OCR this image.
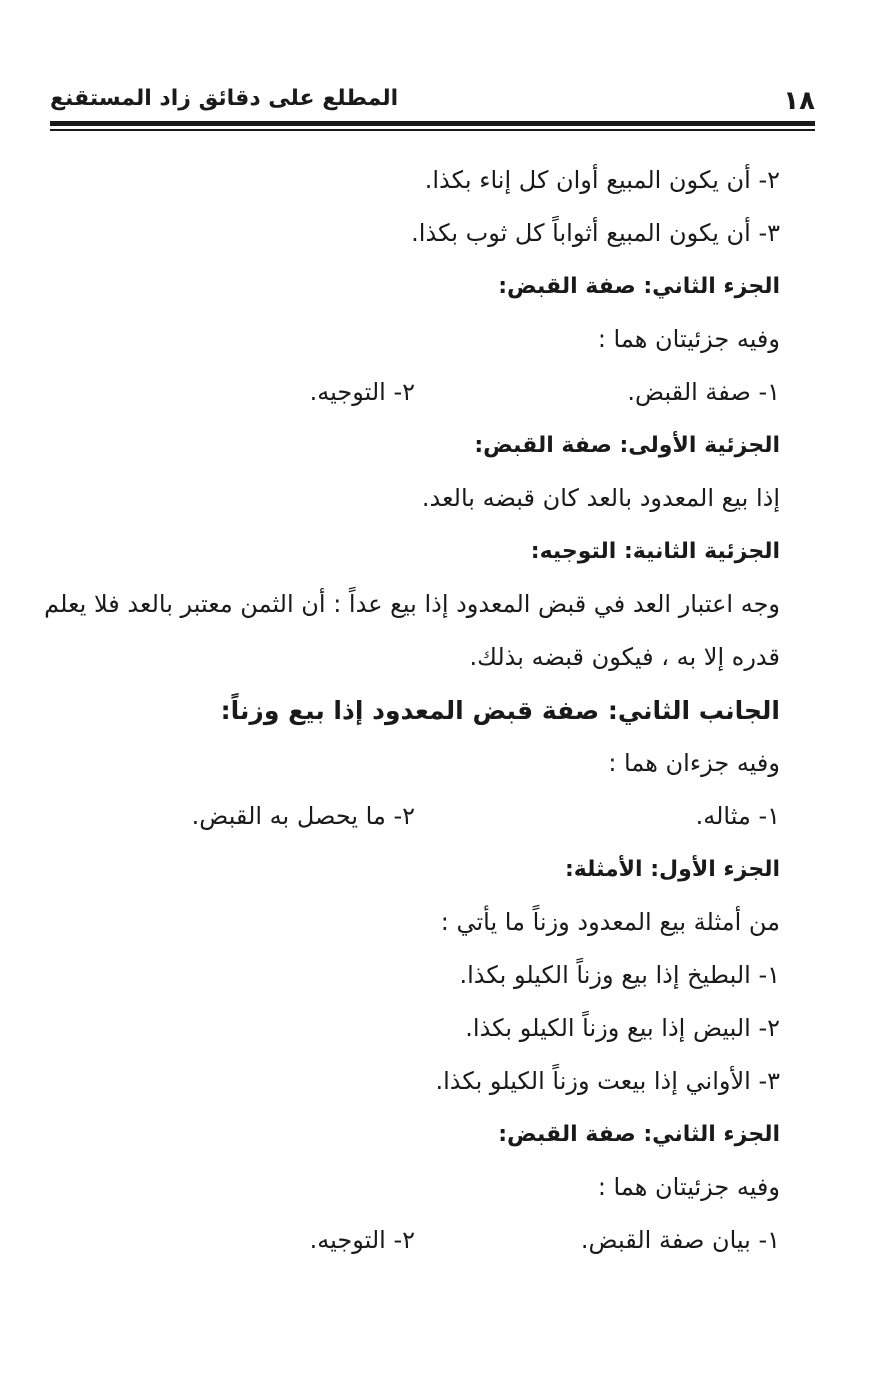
١٨
المطلع على دقائق زاد المستقنع
٢- أن يكون المبيع أوان كل إناء بكذا.
٣- أن يكون المبيع أثواباً كل ثوب بكذا.
الجزء الثاني: صفة القبض:
وفيه جزئيتان هما :
١- صفة القبض.
٢- التوجيه.
الجزئية الأولى: صفة القبض:
إذا بيع المعدود بالعد كان قبضه بالعد.
الجزئية الثانية: التوجيه:
وجه اعتبار العد في قبض المعدود إذا بيع عداً : أن الثمن معتبر بالعد فلا يعلم
قدره إلا به ، فيكون قبضه بذلك.
الجانب الثاني: صفة قبض المعدود إذا بيع وزناً:
وفيه جزءان هما :
١- مثاله.
٢- ما يحصل به القبض.
الجزء الأول: الأمثلة:
من أمثلة بيع المعدود وزناً ما يأتي :
١- البطيخ إذا بيع وزناً الكيلو بكذا.
٢- البيض إذا بيع وزناً الكيلو بكذا.
٣- الأواني إذا بيعت وزناً الكيلو بكذا.
الجزء الثاني: صفة القبض:
وفيه جزئيتان هما :
١- بيان صفة القبض.
٢- التوجيه.
